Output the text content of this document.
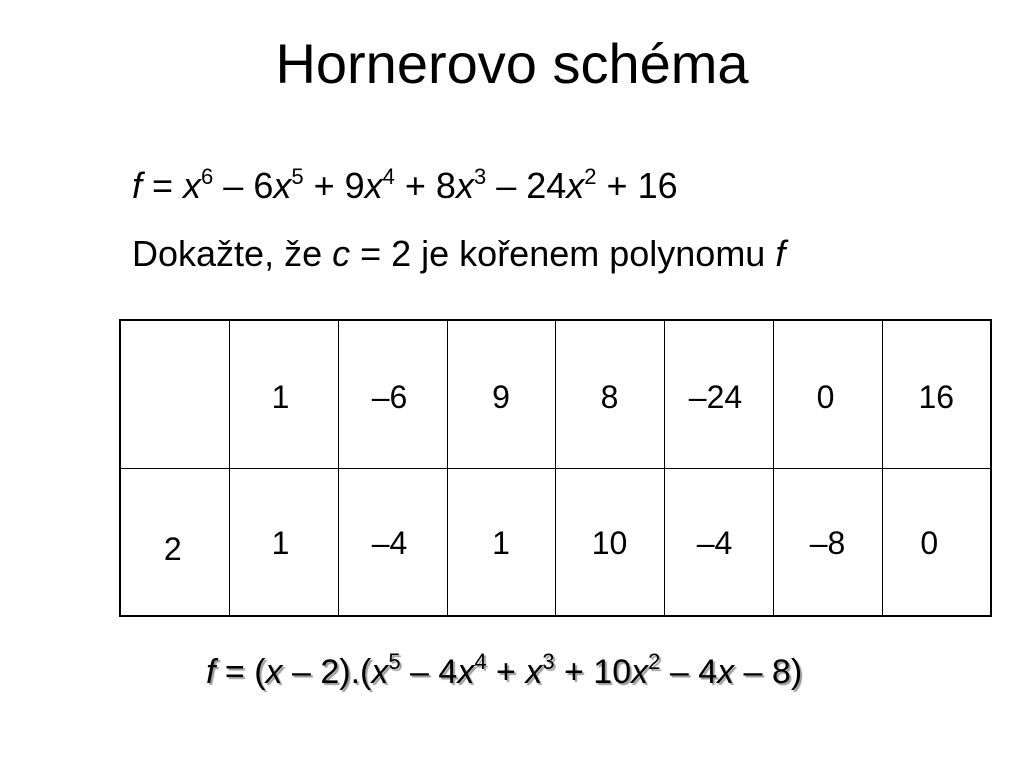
Hornerovo schéma
$f = x^6 - 6x^5 + 9x^4 + 8x^3 - 24x^2 + 16$
Dokažte, že c = 2 je kořenem polynomu f

	1	–6	9	8	–24	0	16

2	1	–4	1	10	–4	–8	0
$f = (x - 2).(x^5 - 4x^4 + x^3 + 10x^2 - 4x - 8)$
